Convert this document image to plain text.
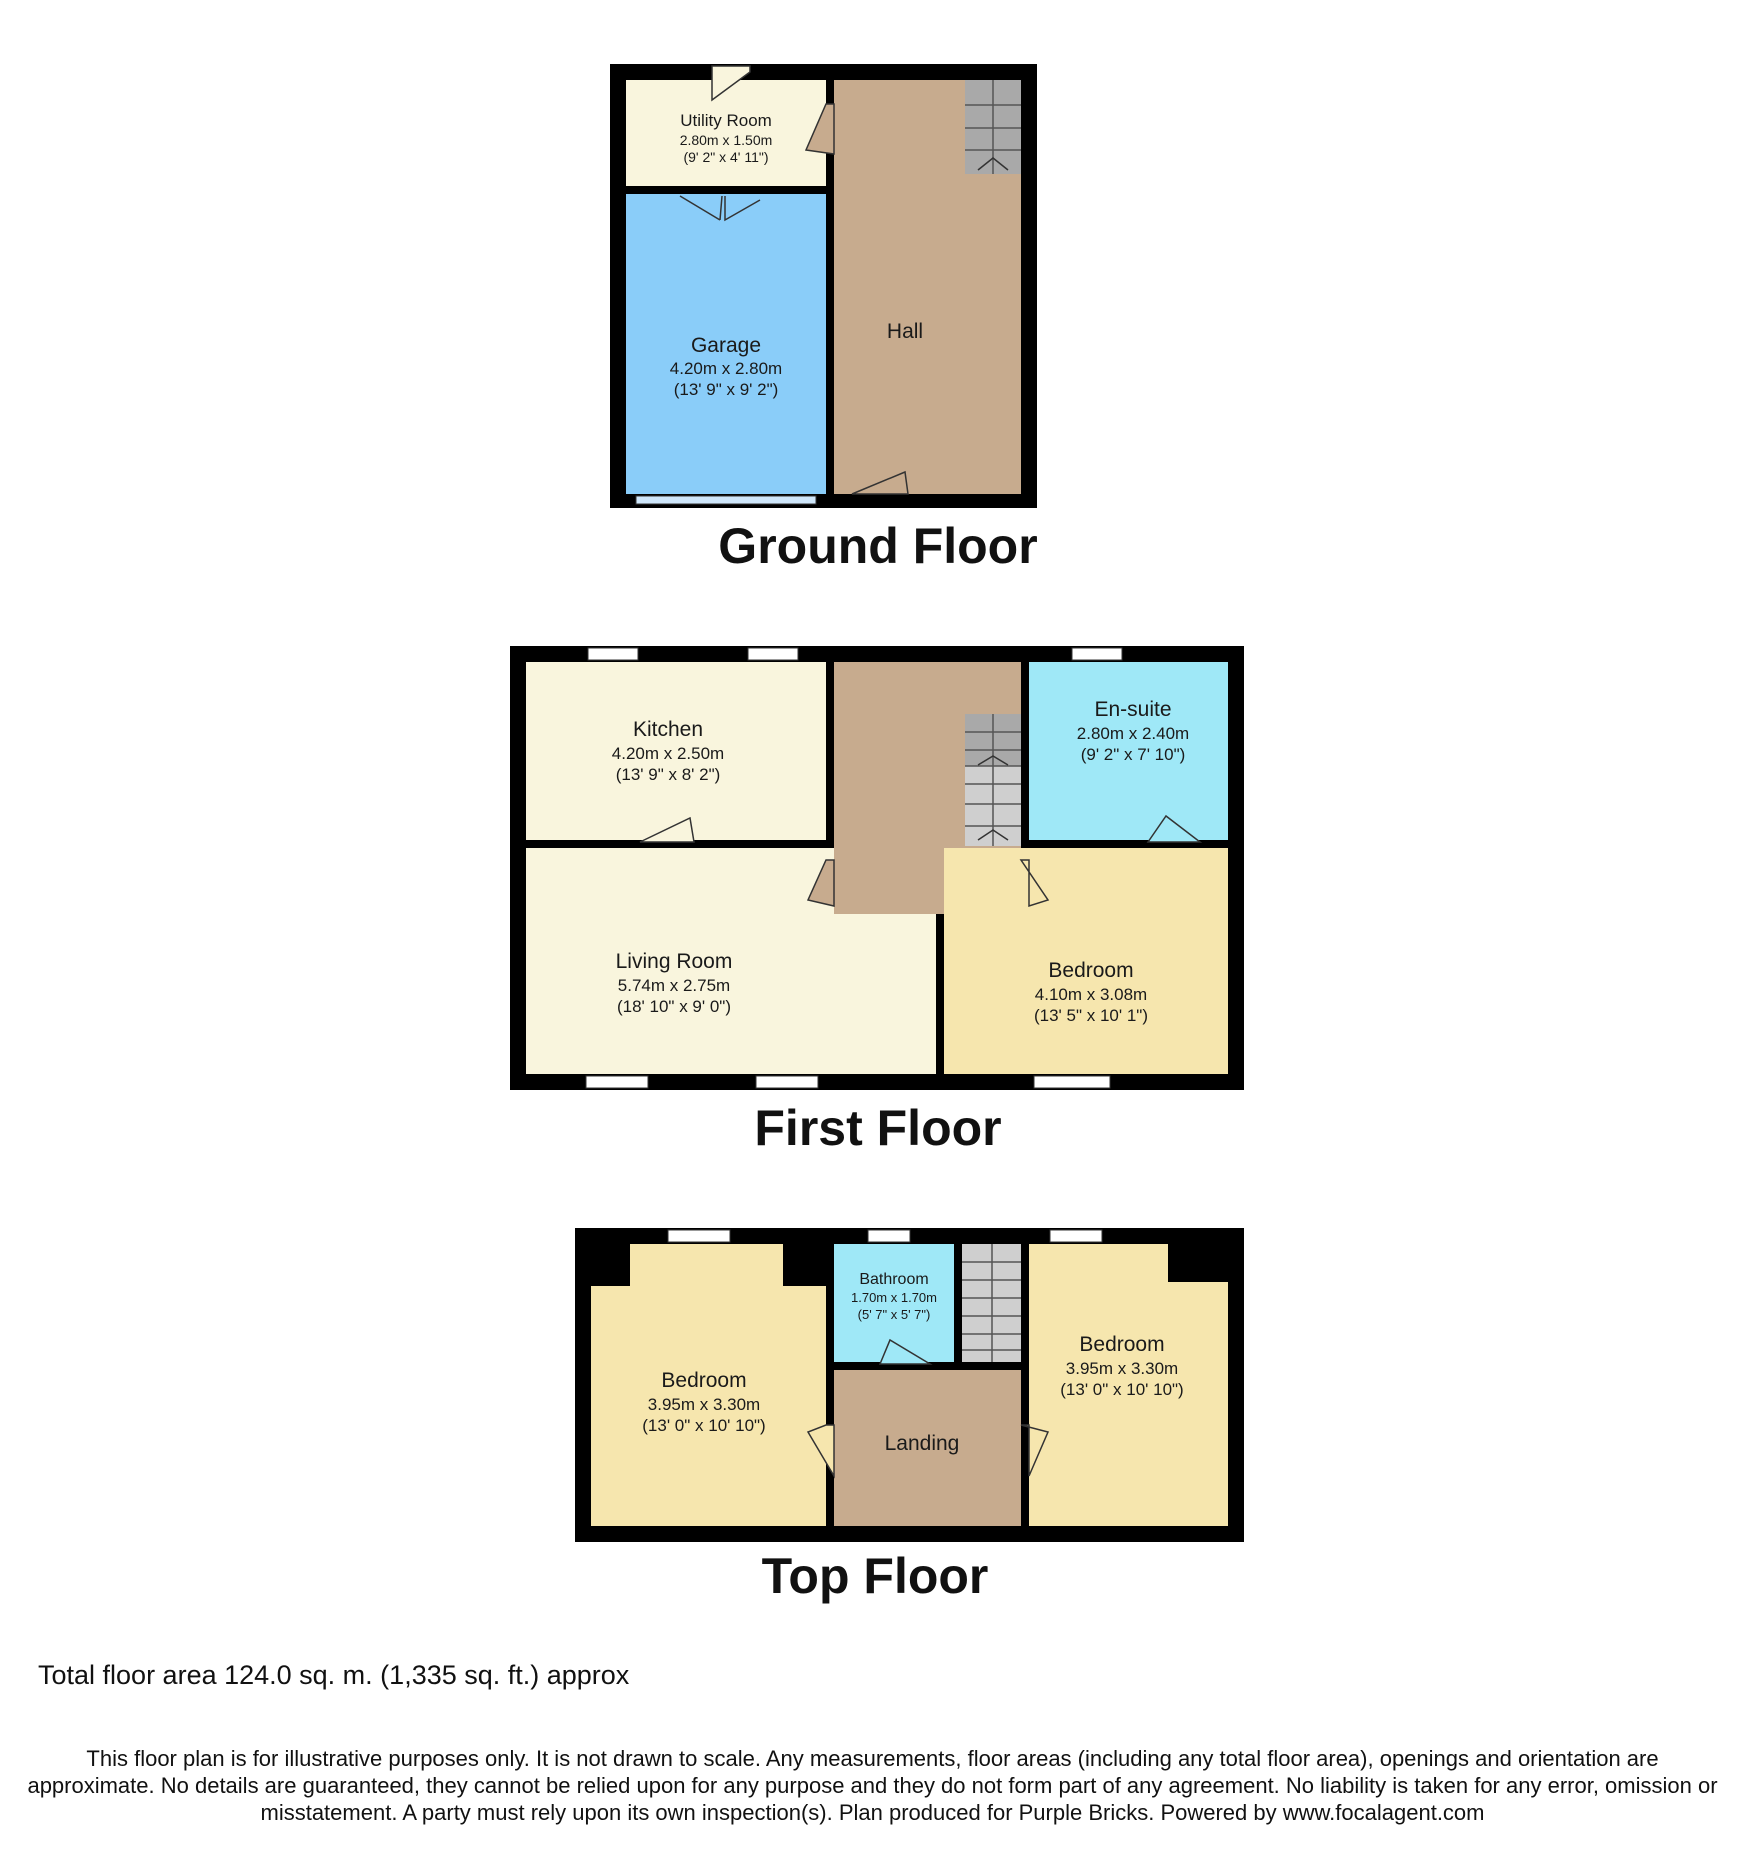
Utility Room
2.80m x 1.50m
(9' 2" x 4' 11")
Garage
4.20m x 2.80m
(13' 9" x 9' 2")
Hall
Ground Floor
Kitchen
4.20m x 2.50m
(13' 9" x 8' 2")
En-suite
2.80m x 2.40m
(9' 2" x 7' 10")
Living Room
5.74m x 2.75m
(18' 10" x 9' 0")
Bedroom
4.10m x 3.08m
(13' 5" x 10' 1")
First Floor
Bathroom
1.70m x 1.70m
(5' 7" x 5' 7")
Bedroom
3.95m x 3.30m
(13' 0" x 10' 10")
Bedroom
3.95m x 3.30m
(13' 0" x 10' 10")
Landing
Top Floor

Total floor area 124.0 sq. m. (1,335 sq. ft.) approx

This floor plan is for illustrative purposes only. It is not drawn to scale. Any measurements, floor areas (including any total floor area), openings and orientation are approximate. No details are guaranteed, they cannot be relied upon for any purpose and they do not form part of any agreement. No liability is taken for any error, omission or misstatement. A party must rely upon its own inspection(s). Plan produced for Purple Bricks. Powered by www.focalagent.com
